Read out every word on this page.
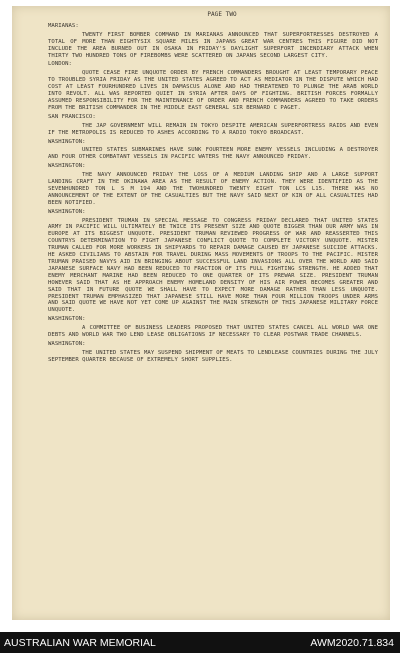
PAGE TWO
MARIANAS:

TWENTY FIRST BOMBER COMMAND IN MARIANAS ANNOUNCED THAT SUPERFORTRESSES DESTROYED A TOTAL OF MORE THAN EIGHTYSIX SQUARE MILES IN JAPANS GREAT WAR CENTRES THIS FIGURE DID NOT INCLUDE THE AREA BURNED OUT IN OSAKA IN FRIDAY'S DAYLIGHT SUPERFORT INCENDIARY ATTACK WHEN THIRTY TWO HUNDRED TONS OF FIREBOMBS WERE SCATTERED ON JAPANS SECOND LARGEST CITY.

LONDON:

QUOTE CEASE FIRE UNQUOTE ORDER BY FRENCH COMMANDERS BROUGHT AT LEAST TEMPORARY PEACE TO TROUBLED SYRIA FRIDAY AS THE UNITED STATES AGREED TO ACT AS MEDIATOR IN THE DISPUTE WHICH HAD COST AT LEAST FOURHUNDRED LIVES IN DAMASCUS ALONE AND HAD THREATENED TO PLUNGE THE ARAB WORLD INTO REVOLT. ALL WAS REPORTED QUIET IN SYRIA AFTER DAYS OF FIGHTING. BRITISH FORCES FORMALLY ASSUMED RESPONSIBILITY FOR THE MAINTENANCE OF ORDER AND FRENCH COMMANDERS AGREED TO TAKE ORDERS FROM THE BRITISH COMMANDER IN THE MIDDLE EAST GENERAL SIR BERNARD C PAGET.

SAN FRANCISCO:

THE JAP GOVERNMENT WILL REMAIN IN TOKYO DESPITE AMERICAN SUPERFORTRESS RAIDS AND EVEN IF THE METROPOLIS IS REDUCED TO ASHES ACCORDING TO A RADIO TOKYO BROADCAST.

WASHINGTON:

UNITED STATES SUBMARINES HAVE SUNK FOURTEEN MORE ENEMY VESSELS INCLUDING A DESTROYER AND FOUR OTHER COMBATANT VESSELS IN PACIFIC WATERS THE NAVY ANNOUNCED FRIDAY.

WASHINGTON:

THE NAVY ANNOUNCED FRIDAY THE LOSS OF A MEDIUM LANDING SHIP AND A LARGE SUPPORT LANDING CRAFT IN THE OKINAWA AREA AS THE RESULT OF ENEMY ACTION. THEY WERE IDENTIFIED AS THE SEVENHUNDRED TON L S M 194 AND THE TWOHUNDRED TWENTY EIGHT TON LCS L15. THERE WAS NO ANNOUNCEMENT OF THE EXTENT OF THE CASUALTIES BUT THE NAVY SAID NEXT OF KIN OF ALL CASUALTIES HAD BEEN NOTIFIED.

WASHINGTON:

PRESIDENT TRUMAN IN SPECIAL MESSAGE TO CONGRESS FRIDAY DECLARED THAT UNITED STATES ARMY IN PACIFIC WILL ULTIMATELY BE TWICE ITS PRESENT SIZE AND QUOTE BIGGER THAN OUR ARMY WAS IN EUROPE AT ITS BIGGEST UNQUOTE. PRESIDENT TRUMAN REVIEWED PROGRESS OF WAR AND REASSERTED THIS COUNTRYS DETERMINATION TO FIGHT JAPANESE CONFLICT QUOTE TO COMPLETE VICTORY UNQUOTE. MISTER TRUMAN CALLED FOR MORE WORKERS IN SHIPYARDS TO REPAIR DAMAGE CAUSED BY JAPANESE SUICIDE ATTACKS. HE ASKED CIVILIANS TO ABSTAIN FOR TRAVEL DURING MASS MOVEMENTS OF TROOPS TO THE PACIFIC. MISTER TRUMAN PRAISED NAVYS AID IN BRINGING ABOUT SUCCESSFUL LAND INVASIONS ALL OVER THE WORLD AND SAID JAPANESE SURFACE NAVY HAD BEEN REDUCED TO FRACTION OF ITS FULL FIGHTING STRENGTH. HE ADDED THAT ENEMY MERCHANT MARINE HAD BEEN REDUCED TO ONE QUARTER OF ITS PREWAR SIZE. PRESIDENT TRUMAN HOWEVER SAID THAT AS HE APPROACH ENEMY HOMELAND DENSITY OF HIS AIR POWER BECOMES GREATER AND SAID THAT IN FUTURE QUOTE WE SHALL HAVE TO EXPECT MORE DAMAGE RATHER THAN LESS UNQUOTE. PRESIDENT TRUMAN EMPHASIZED THAT JAPANESE STILL HAVE MORE THAN FOUR MILLION TROOPS UNDER ARMS AND SAID QUOTE WE HAVE NOT YET COME UP AGAINST THE MAIN STRENGTH OF THIS JAPANESE MILITARY FORCE UNQUOTE.

WASHINGTON:

A COMMITTEE OF BUSINESS LEADERS PROPOSED THAT UNITED STATES CANCEL ALL WORLD WAR ONE DEBTS AND WORLD WAR TWO LEND LEASE OBLIGATIONS IF NECESSARY TO CLEAR POSTWAR TRADE CHANNELS.

WASHINGTON:

THE UNITED STATES MAY SUSPEND SHIPMENT OF MEATS TO LENDLEASE COUNTRIES DURING THE JULY SEPTEMBER QUARTER BECAUSE OF EXTREMELY SHORT SUPPLIES.

AUSTRALIAN WAR MEMORIAL	AWM2020.71.834
